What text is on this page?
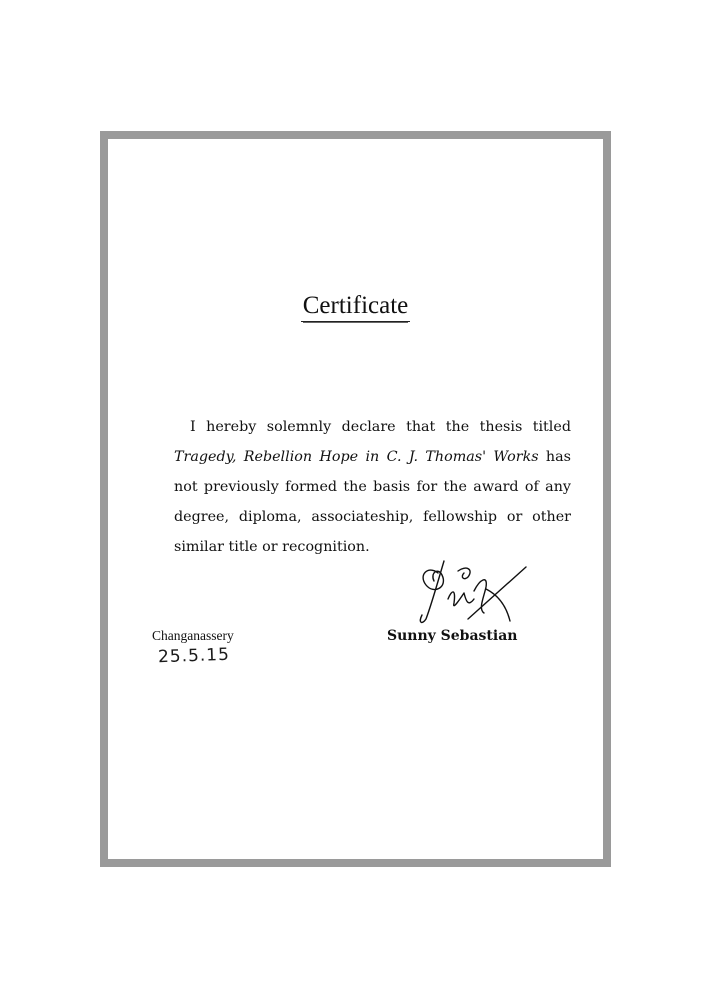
Certificate

I hereby solemnly declare that the thesis titled Tragedy, Rebellion Hope in C. J. Thomas' Works has not previously formed the basis for the award of any degree, diploma, associateship, fellowship or other similar title or recognition.

Changanassery
25.5.15
Sunny Sebastian
